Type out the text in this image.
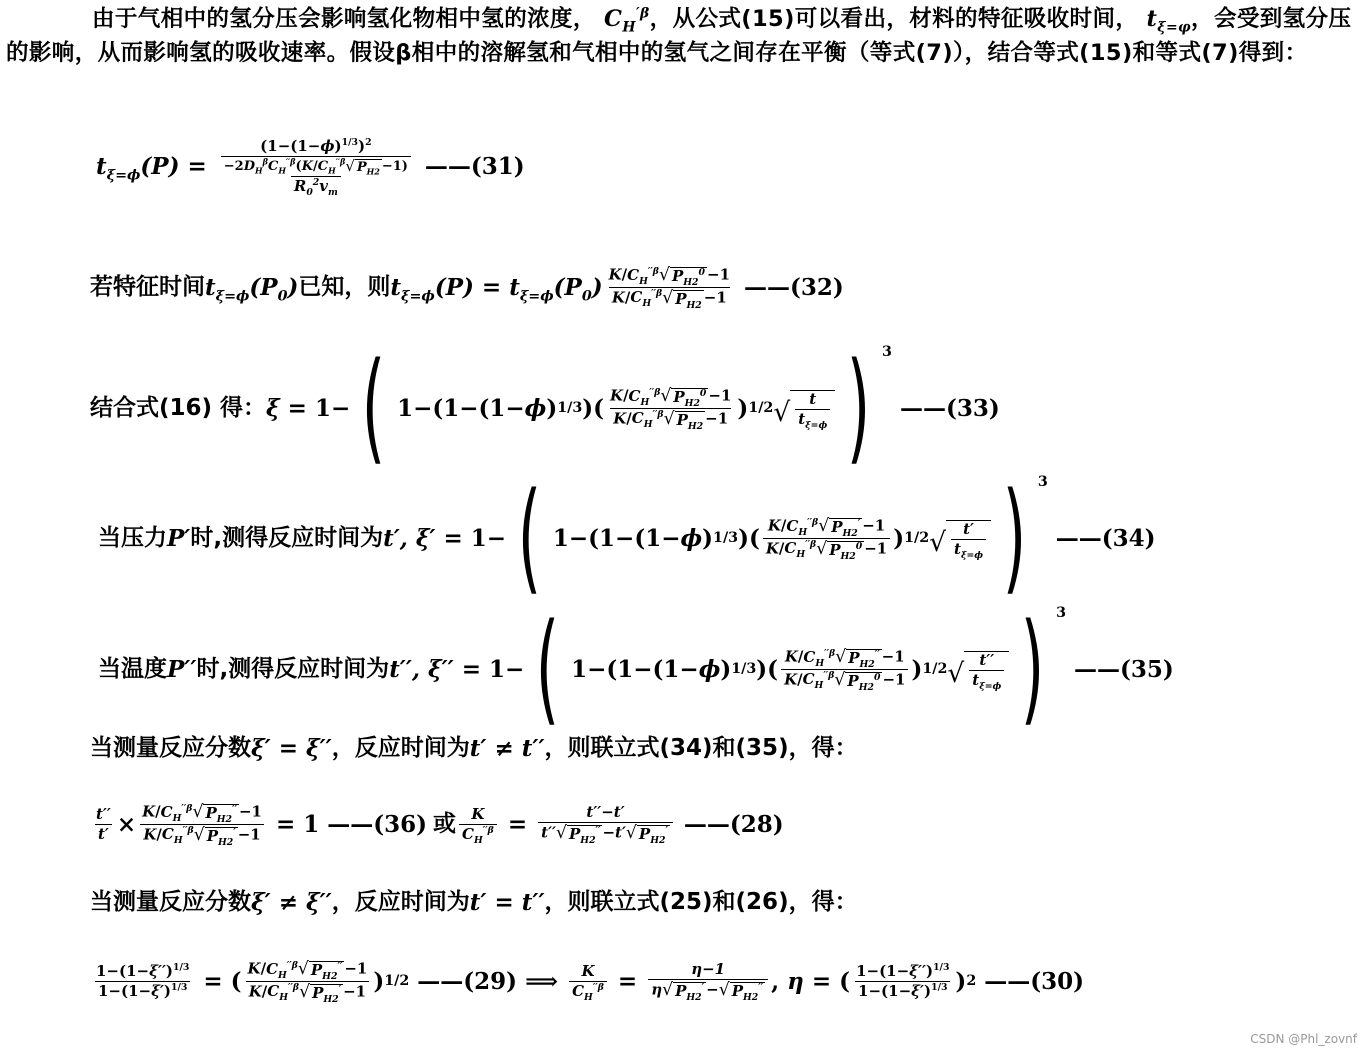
由于气相中的氢分压会影响氢化物相中氢的浓度， $C_H^{'\beta}$，从公式(15)可以看出，材料的特征吸收时间， $t_{\xi=\varphi}$，会受到氢分压的影响，从而影响氢的吸收速率。假设β相中的溶解氢和气相中的氢气之间存在平衡（等式(7)），结合等式(15)和等式(7)得到：
$t_{\xi=\phi}(P) = \frac{\frac{(1-(1-\phi)^{1/3})^2}{-2D_H^\beta C_H^{''\beta}(K/C_H^{''\beta} √ P_{H2} -1)}}{R_0^2v_m}$ ——(31)
若特征时间 $t_{\xi=\phi}(P_0)$ 已知，则 $t_{\xi=\phi}(P) = t_{\xi=\phi}(P_0) \frac{K/C_H^{''\beta} √ P_{H2}^0 -1}{K/C_H^{''\beta} √ P_{H2} -1}$ ——(32)
结合式(16) 得： ξ = 1− ( 1−(1−(1− ϕ ) 1/3 )( $\frac{K/C_H^{''\beta} √ P_{H2}^0 -1}{K/C_H^{''\beta} √ P_{H2} -1}$ ) 1/2 √ $\frac{t}{t_{\xi=\phi}}$ ) $^3$
——(33)
当压力 P′ 时,测得反应时间为 t′, ξ′ = 1− ( 1−(1−(1− ϕ ) 1/3 )( $\frac{K/C_H^{''\beta} √ P_{H2}' -1}{K/C_H^{''\beta} √ P_{H2}^0 -1}$ ) 1/2 √ $\frac{t'}{t_{\xi=\phi}}$ ) $^3$
——(34)
当温度 P′′ 时,测得反应时间为 t′′, ξ′′ = 1− ( 1−(1−(1− ϕ ) 1/3 )( $\frac{K/C_H^{''\beta} √ P_{H2}'' -1}{K/C_H^{''\beta} √ P_{H2}^0 -1}$ ) 1/2 √ $\frac{t''}{t_{\xi=\phi}}$ ) $^3$
——(35)
当测量反应分数 ξ′ = ξ′′ ，反应时间为 t′ ≠ t′′ ，则联立式(34)和(35)，得：
$\frac{t''}{t'} \times \frac{K/C_H^{''\beta} √ P_{H2}'' -1}{K/C_H^{''\beta} √ P_{H2}' -1} = 1$ ——(36) 或 $\frac{K}{C_H^{''\beta}} = \frac{t''-t'}{t'' √ P_{H2}'' -t' √ P_{H2}'}$ ——(28)
当测量反应分数 ξ′ ≠ ξ′′ ，反应时间为 t′ = t′′ ，则联立式(25)和(26)，得：
$\frac{1-(1-\xi'')^{1/3}}{1-(1-\xi')^{1/3}}$ = ( $\frac{K/C_H^{''\beta} √ P_{H2}'' -1}{K/C_H^{''\beta} √ P_{H2}' -1}$ ) 1/2 ——(29) ⟹ $\frac{K}{C_H^{''\beta}} = \frac{\eta-1}{\eta √ P_{H2}' - √ P_{H2}''}$ , η = ( $\frac{1-(1-\xi'')^{1/3}}{1-(1-\xi')^{1/3}}$ ) 2 ——(30)
CSDN @Phl_zovnf
